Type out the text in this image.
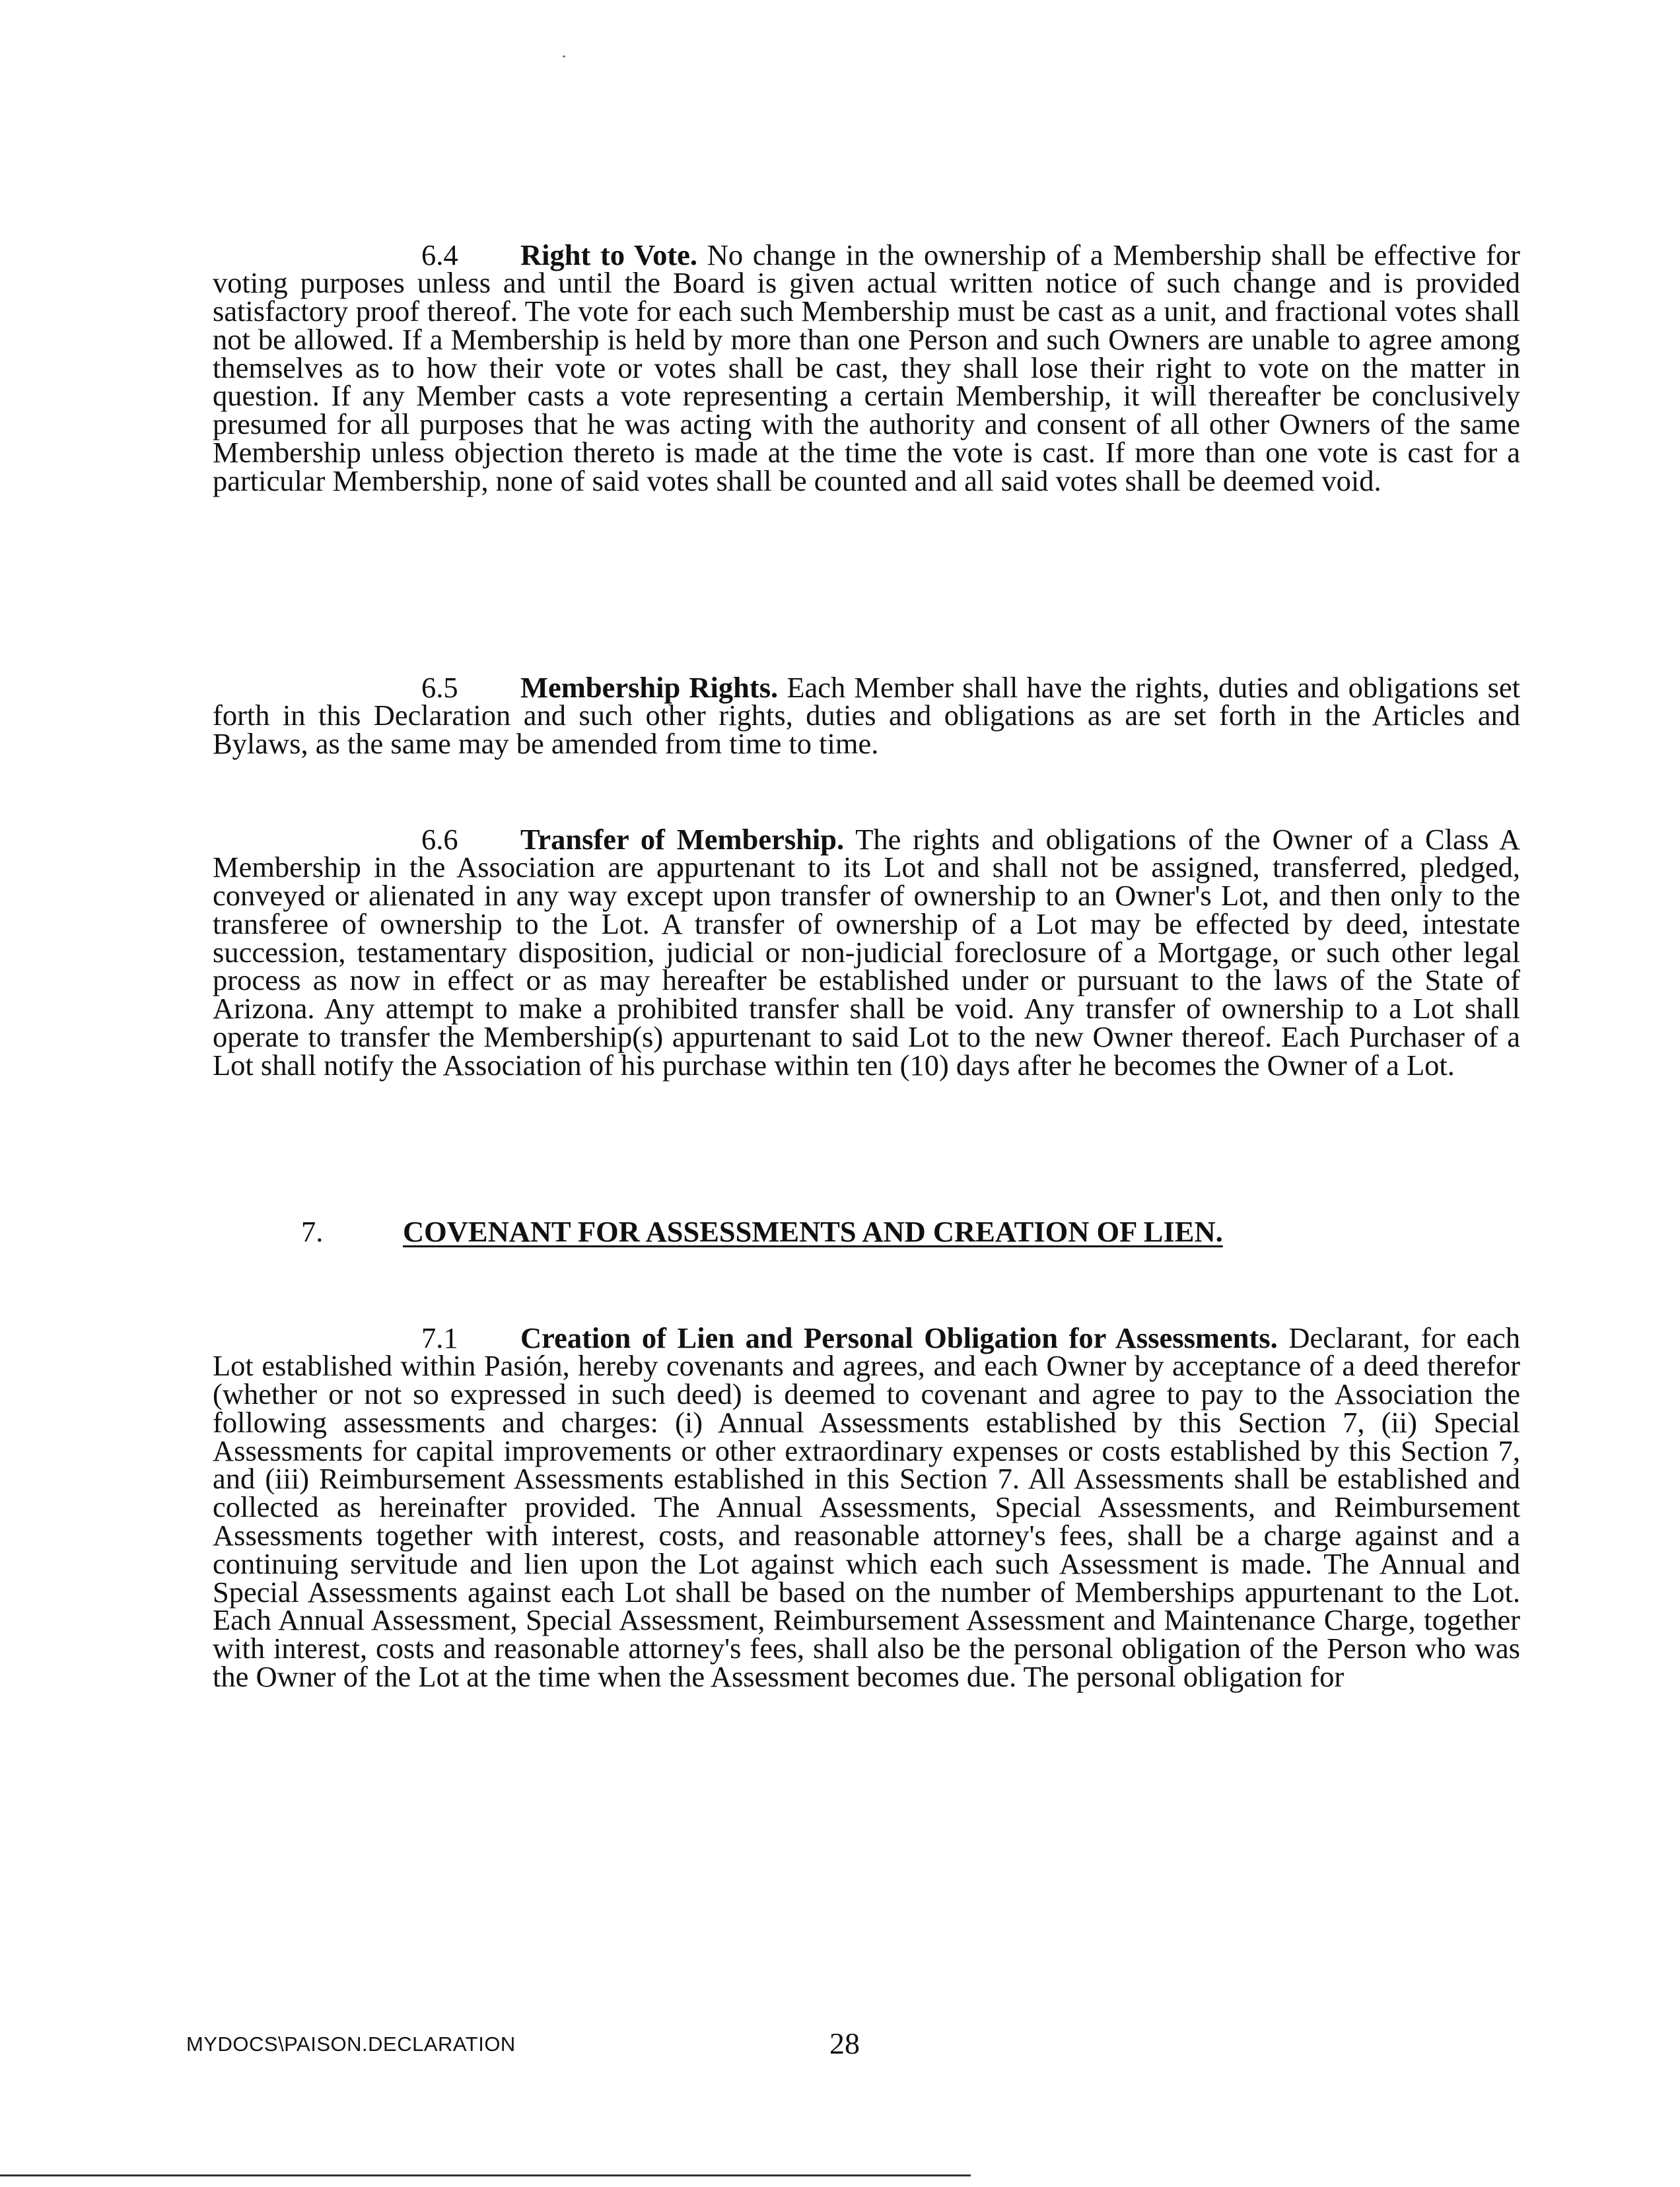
6.4 Right to Vote. No change in the ownership of a Membership shall be effective for voting purposes unless and until the Board is given actual written notice of such change and is provided satisfactory proof thereof. The vote for each such Membership must be cast as a unit, and fractional votes shall not be allowed. If a Membership is held by more than one Person and such Owners are unable to agree among themselves as to how their vote or votes shall be cast, they shall lose their right to vote on the matter in question. If any Member casts a vote representing a certain Membership, it will thereafter be conclusively presumed for all purposes that he was acting with the authority and consent of all other Owners of the same Membership unless objection thereto is made at the time the vote is cast. If more than one vote is cast for a particular Membership, none of said votes shall be counted and all said votes shall be deemed void.

6.5 Membership Rights. Each Member shall have the rights, duties and obligations set forth in this Declaration and such other rights, duties and obligations as are set forth in the Articles and Bylaws, as the same may be amended from time to time.

6.6 Transfer of Membership. The rights and obligations of the Owner of a Class A Membership in the Association are appurtenant to its Lot and shall not be assigned, transferred, pledged, conveyed or alienated in any way except upon transfer of ownership to an Owner's Lot, and then only to the transferee of ownership to the Lot. A transfer of ownership of a Lot may be effected by deed, intestate succession, testamentary disposition, judicial or non-judicial foreclosure of a Mortgage, or such other legal process as now in effect or as may hereafter be established under or pursuant to the laws of the State of Arizona. Any attempt to make a prohibited transfer shall be void. Any transfer of ownership to a Lot shall operate to transfer the Membership(s) appurtenant to said Lot to the new Owner thereof. Each Purchaser of a Lot shall notify the Association of his purchase within ten (10) days after he becomes the Owner of a Lot.

7.	COVENANT FOR ASSESSMENTS AND CREATION OF LIEN.

7.1 Creation of Lien and Personal Obligation for Assessments. Declarant, for each Lot established within Pasión, hereby covenants and agrees, and each Owner by acceptance of a deed therefor (whether or not so expressed in such deed) is deemed to covenant and agree to pay to the Association the following assessments and charges: (i) Annual Assessments established by this Section 7, (ii) Special Assessments for capital improvements or other extraordinary expenses or costs established by this Section 7, and (iii) Reimbursement Assessments established in this Section 7. All Assessments shall be established and collected as hereinafter provided. The Annual Assessments, Special Assessments, and Reimbursement Assessments together with interest, costs, and reasonable attorney's fees, shall be a charge against and a continuing servitude and lien upon the Lot against which each such Assessment is made. The Annual and Special Assessments against each Lot shall be based on the number of Memberships appurtenant to the Lot. Each Annual Assessment, Special Assessment, Reimbursement Assessment and Maintenance Charge, together with interest, costs and reasonable attorney's fees, shall also be the personal obligation of the Person who was the Owner of the Lot at the time when the Assessment becomes due. The personal obligation for

MYDOCS\PAISON.DECLARATION	28
